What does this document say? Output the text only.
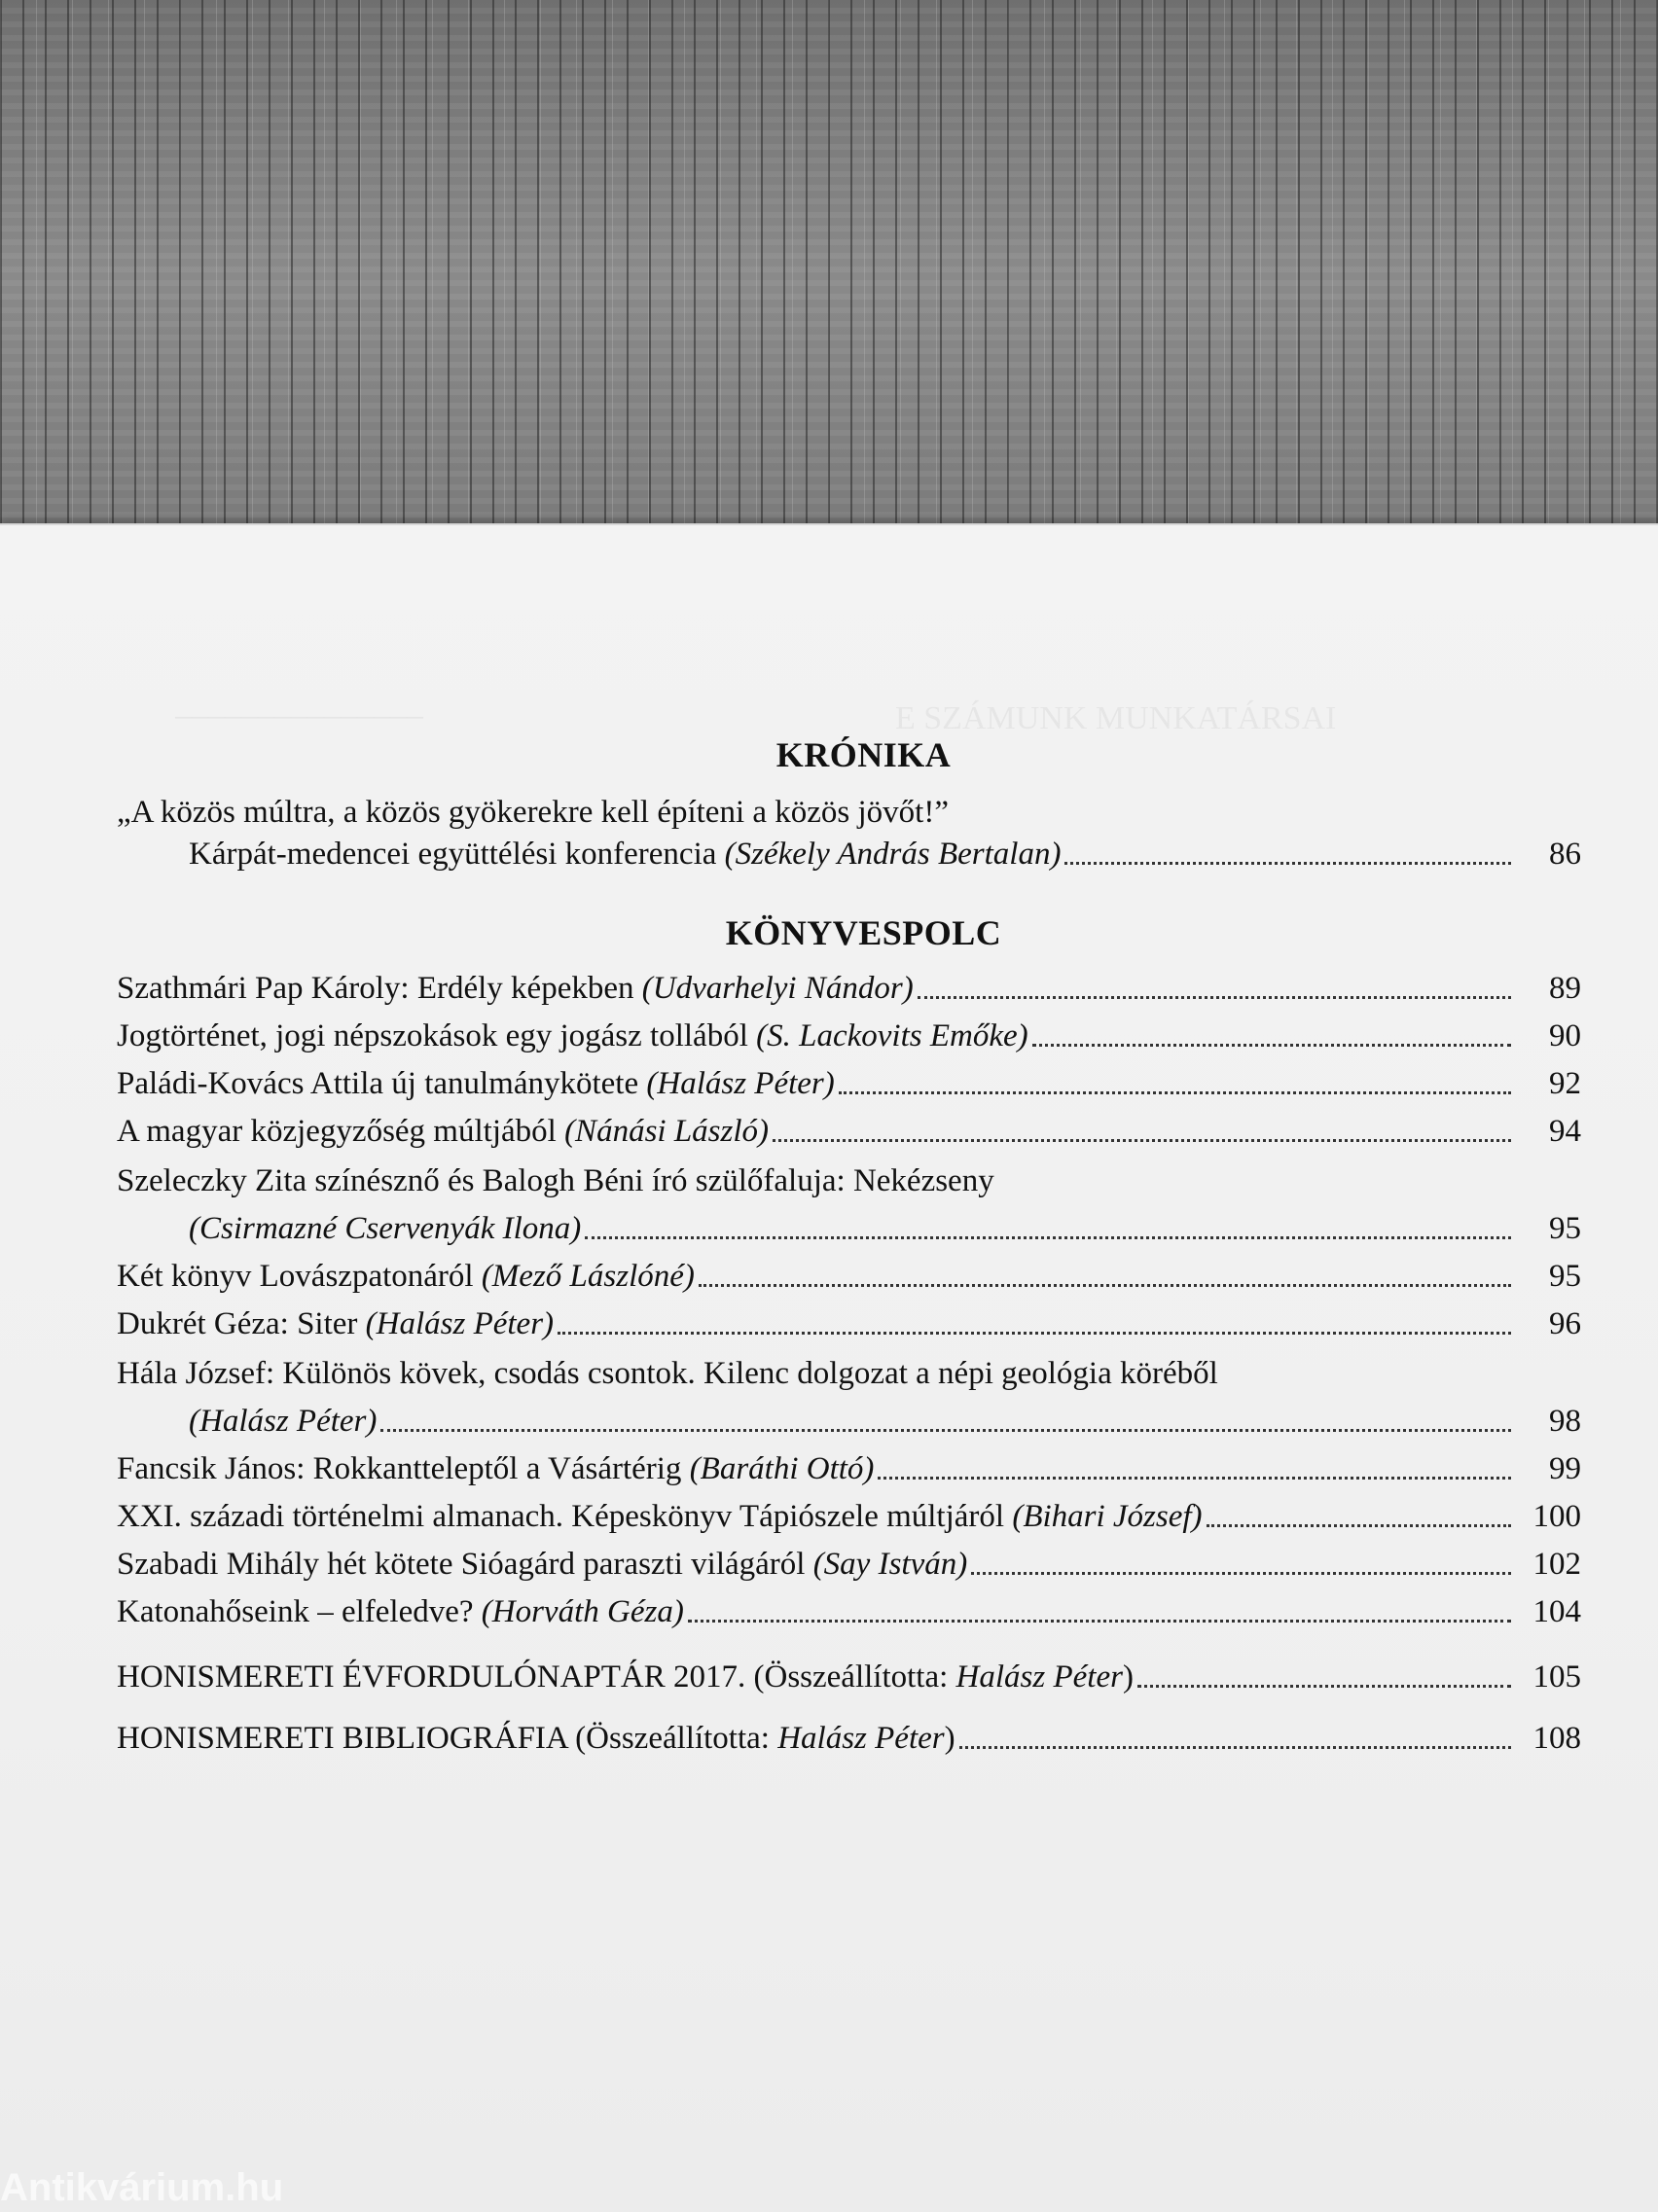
E SZÁMUNK MUNKATÁRSAI
───────────────
KRÓNIKA
„A közös múltra, a közös gyökerekre kell építeni a közös jövőt!”
Kárpát-medencei együttélési konferencia (Székely András Bertalan)	86
KÖNYVESPOLC
Szathmári Pap Károly: Erdély képekben (Udvarhelyi Nándor)	89
Jogtörténet, jogi népszokások egy jogász tollából (S. Lackovits Emőke)	90
Paládi-Kovács Attila új tanulmánykötete (Halász Péter)	92
A magyar közjegyzőség múltjából (Nánási László)	94
Szeleczky Zita színésznő és Balogh Béni író szülőfaluja: Nekézseny
(Csirmazné Cservenyák Ilona)	95
Két könyv Lovászpatonáról (Mező Lászlóné)	95
Dukrét Géza: Siter (Halász Péter)	96
Hála József: Különös kövek, csodás csontok. Kilenc dolgozat a népi geológia köréből
(Halász Péter)	98
Fancsik János: Rokkantteleptől a Vásártérig (Baráthi Ottó)	99
XXI. századi történelmi almanach. Képeskönyv Tápiószele múltjáról (Bihari József)	100
Szabadi Mihály hét kötete Sióagárd paraszti világáról (Say István)	102
Katonahőseink – elfeledve? (Horváth Géza)	104
HONISMERETI ÉVFORDULÓNAPTÁR 2017. (Összeállította: Halász Péter)	105
HONISMERETI BIBLIOGRÁFIA (Összeállította: Halász Péter)	108
Antikvárium.hu
